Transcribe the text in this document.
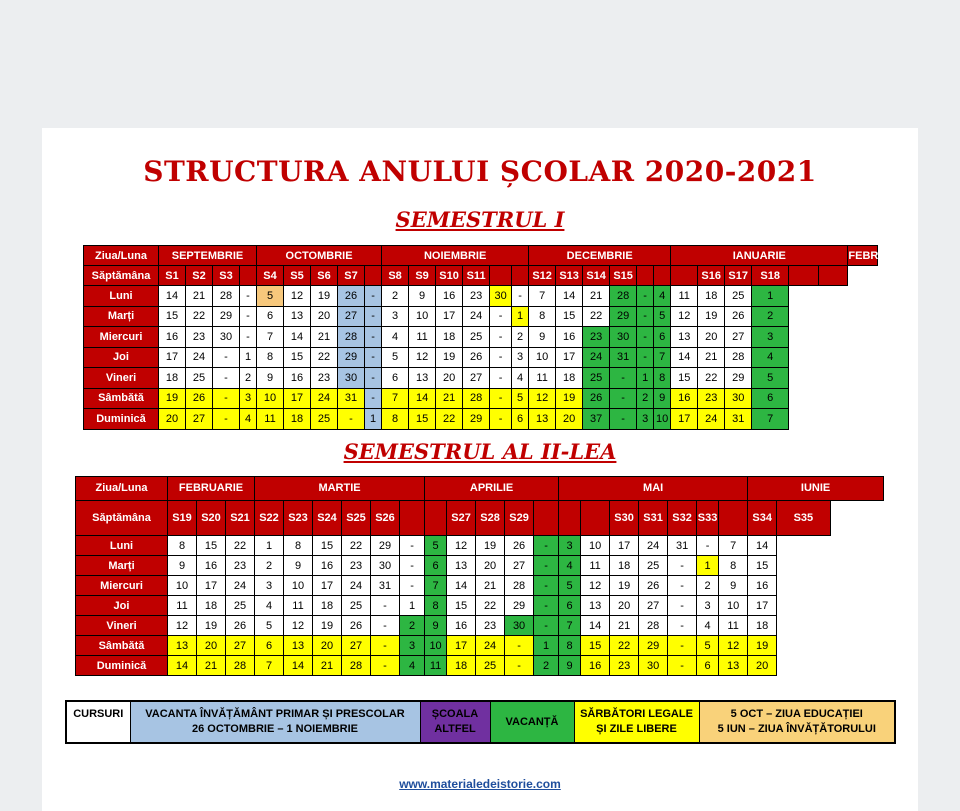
STRUCTURA ANULUI ȘCOLAR 2020-2021
SEMESTRUL I
Ziua/Luna	SEPTEMBRIE				OCTOMBRIE					NOIEMBRIE						DECEMBRIE						IANUARIE						FEBR.
Săptămâna	S1	S2	S3		S4	S5	S6	S7		S8	S9	S10	S11			S12	S13	S14	S15				S16	S17	S18			
Luni	14	21	28	-	5	12	19	26	-	2	9	16	23	30	-	7	14	21	28	-	4	11	18	25	1			
Marți	15	22	29	-	6	13	20	27	-	3	10	17	24	-	1	8	15	22	29	-	5	12	19	26	2			
Miercuri	16	23	30	-	7	14	21	28	-	4	11	18	25	-	2	9	16	23	30	-	6	13	20	27	3			
Joi	17	24	-	1	8	15	22	29	-	5	12	19	26	-	3	10	17	24	31	-	7	14	21	28	4			
Vineri	18	25	-	2	9	16	23	30	-	6	13	20	27	-	4	11	18	25	-	1	8	15	22	29	5			
Sâmbătă	19	26	-	3	10	17	24	31	-	7	14	21	28	-	5	12	19	26	-	2	9	16	23	30	6			
Duminică	20	27	-	4	11	18	25	-	1	8	15	22	29	-	6	13	20	37	-	3	10	17	24	31	7			
SEMESTRUL AL II-LEA
Ziua/Luna	FEBRUARIE			MARTIE						APRILIE					MAI							IUNIE	
Săptămâna	S19	S20	S21	S22	S23	S24	S25	S26			S27	S28	S29				S30	S31	S32	S33		S34	S35
Luni	8	15	22	1	8	15	22	29	-	5	12	19	26	-	3	10	17	24	31	-	7	14	
Marți	9	16	23	2	9	16	23	30	-	6	13	20	27	-	4	11	18	25	-	1	8	15	
Miercuri	10	17	24	3	10	17	24	31	-	7	14	21	28	-	5	12	19	26	-	2	9	16	
Joi	11	18	25	4	11	18	25	-	1	8	15	22	29	-	6	13	20	27	-	3	10	17	
Vineri	12	19	26	5	12	19	26	-	2	9	16	23	30	-	7	14	21	28	-	4	11	18	
Sâmbătă	13	20	27	6	13	20	27	-	3	10	17	24	-	1	8	15	22	29	-	5	12	19	
Duminică	14	21	28	7	14	21	28	-	4	11	18	25	-	2	9	16	23	30	-	6	13	20	
CURSURI	VACANTA ÎNVĂȚĂMÂNT PRIMAR ȘI PRESCOLAR
26 OCTOMBRIE – 1 NOIEMBRIE

ȘCOALA
ALTFEL

VACANȚĂ

SĂRBĂTORI LEGALE
ȘI ZILE LIBERE

5 OCT – ZIUA EDUCAȚIEI
5 IUN – ZIUA ÎNVĂȚĂTORULUI
www.materialedeistorie.com
